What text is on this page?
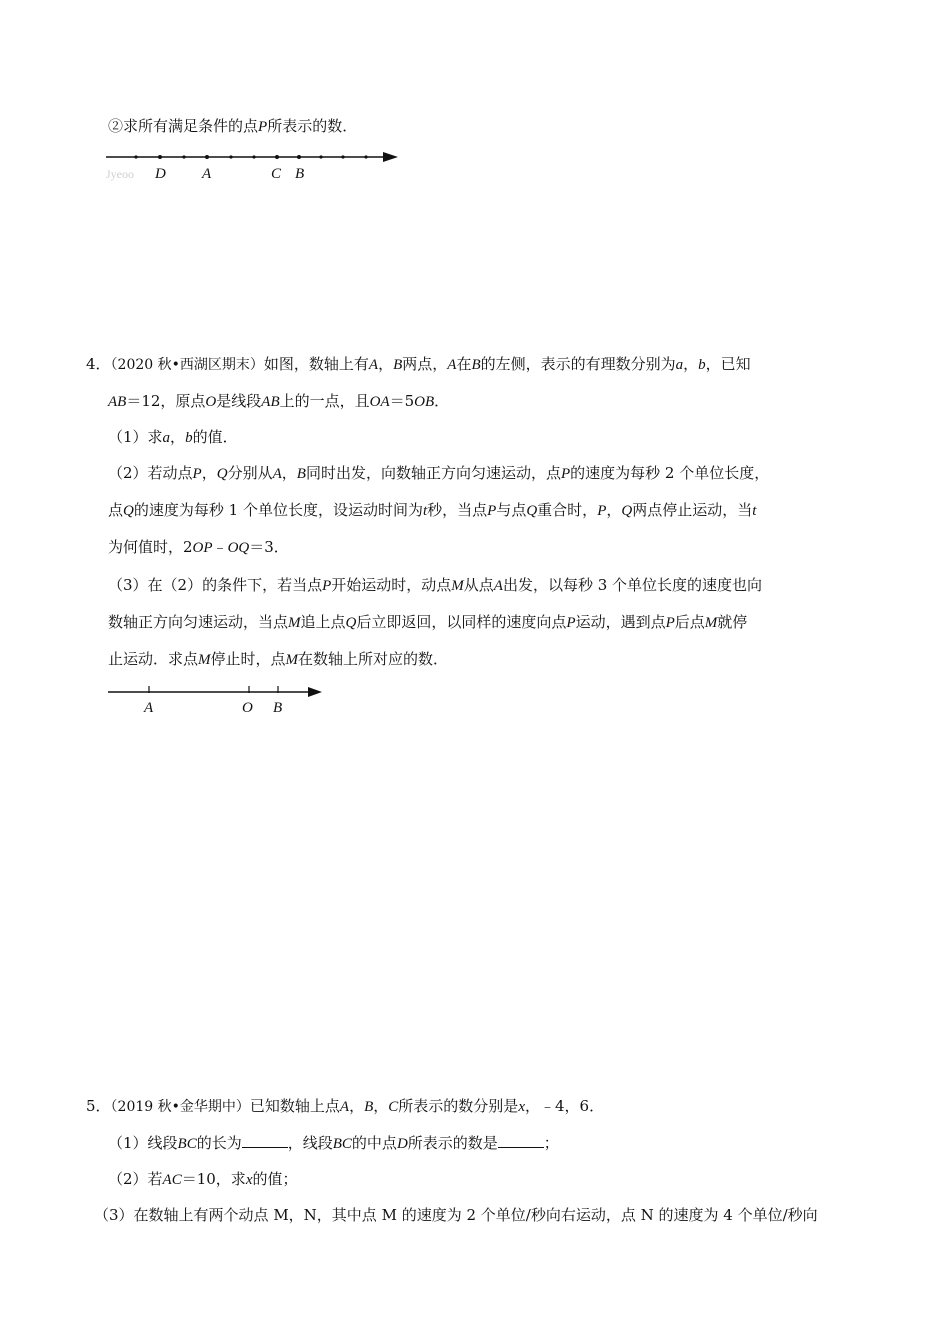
②求所有满足条件的点P所表示的数．
Jyeoo D A	C B
4．（2020 秋•西湖区期末）如图，数轴上有A，B两点，A在B的左侧，表示的有理数分别为a，b，已知
AB＝12，原点O是线段AB上的一点，且OA＝5OB．
（1）求a，b的值．
（2）若动点P，Q分别从A，B同时出发，向数轴正方向匀速运动，点P的速度为每秒 2 个单位长度，
点Q的速度为每秒 1 个单位长度，设运动时间为t秒，当点P与点Q重合时，P，Q两点停止运动，当t
为何值时，2OP﹣OQ＝3．
（3）在（2）的条件下，若当点P开始运动时，动点M从点A出发，以每秒 3 个单位长度的速度也向
数轴正方向匀速运动，当点M追上点Q后立即返回，以同样的速度向点P运动，遇到点P后点M就停
止运动．求点M停止时，点M在数轴上所对应的数．
A	O B
5．（2019 秋•金华期中）已知数轴上点A，B，C所表示的数分别是x，﹣4，6．
（1）线段BC的长为	，线段BC的中点D所表示的数是	；
（2）若AC＝10，求x的值；
（3）在数轴上有两个动点 M，N，其中点 M 的速度为 2 个单位/秒向右运动，点 N 的速度为 4 个单位/秒向
